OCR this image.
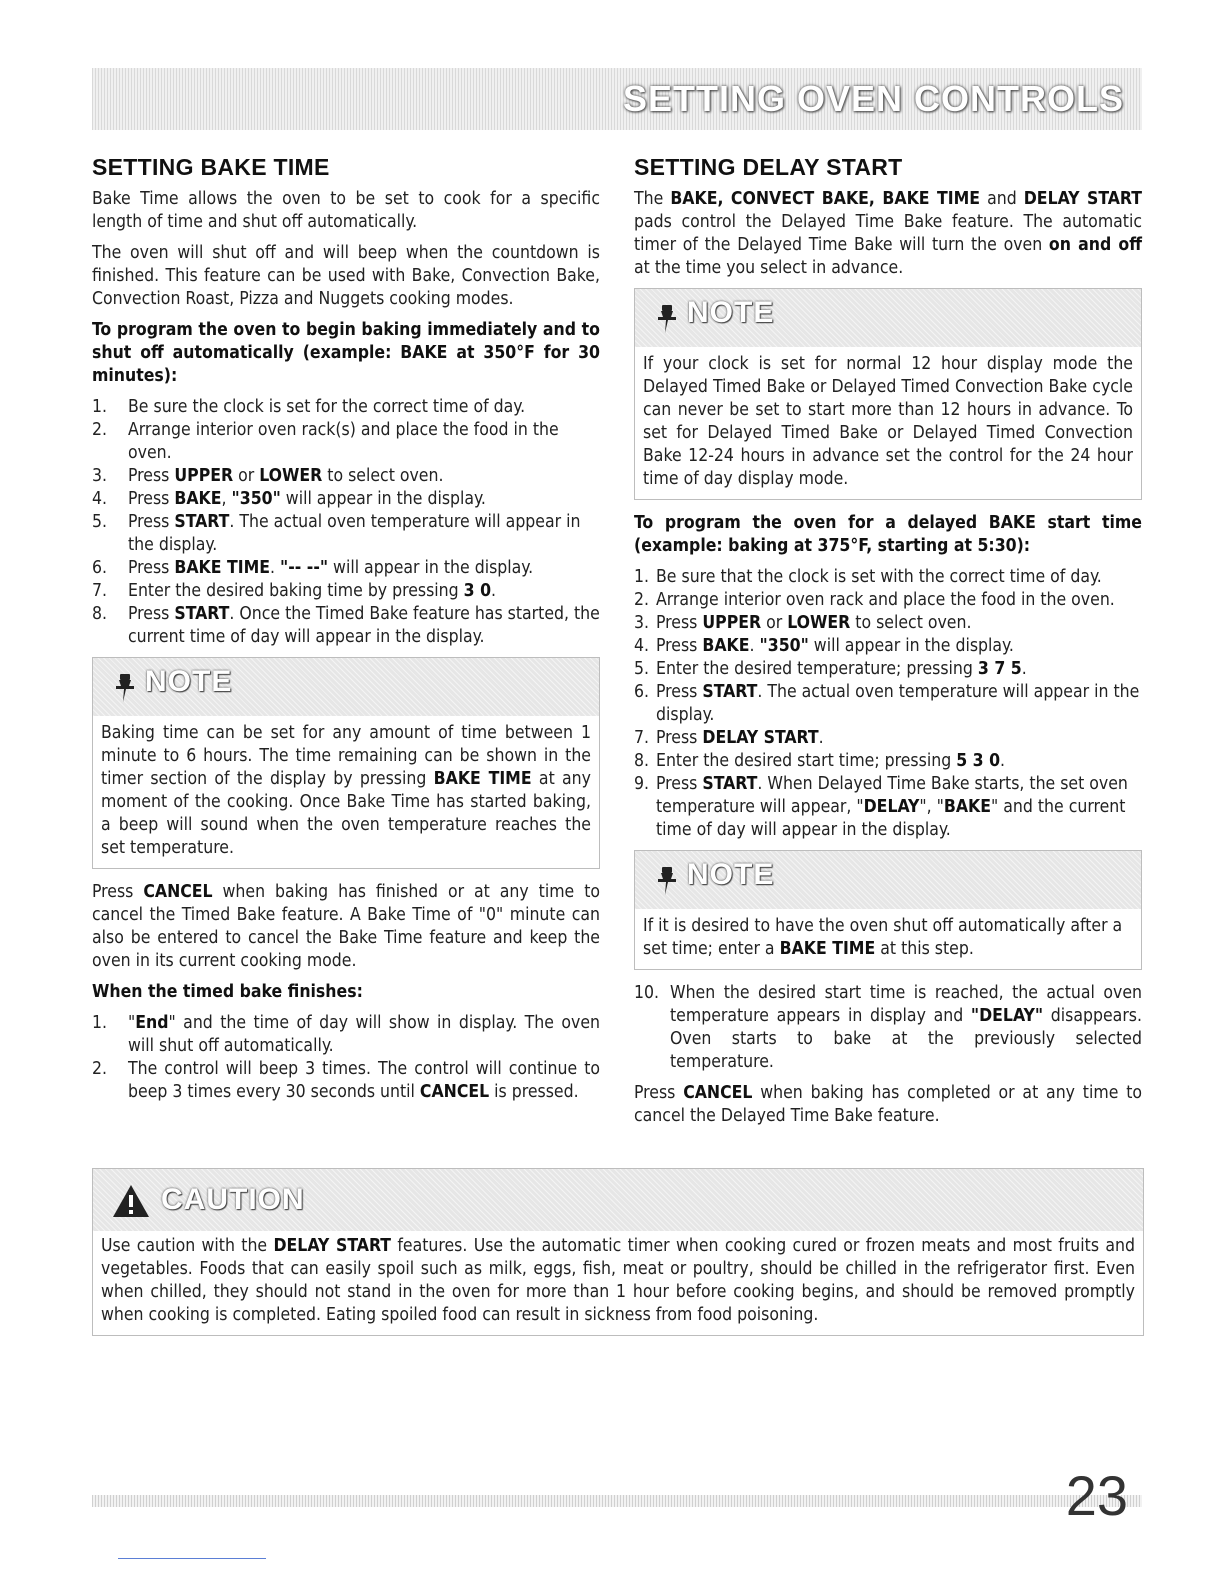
SETTING OVEN CONTROLS
SETTING BAKE TIME

Bake Time allows the oven to be set to cook for a specific length of time and shut off automatically.

The oven will shut off and will beep when the countdown is finished. This feature can be used with Bake, Convection Bake, Convection Roast, Pizza and Nuggets cooking modes.

To program the oven to begin baking immediately and to shut off automatically (example: BAKE at 350°F for 30 minutes):

1.	Be sure the clock is set for the correct time of day.
2.	Arrange interior oven rack(s) and place the food in the oven.
3.	Press UPPER or LOWER to select oven.
4.	Press BAKE, "350" will appear in the display.
5.	Press START. The actual oven temperature will appear in the display.
6.	Press BAKE TIME. "-- --" will appear in the display.
7.	Enter the desired baking time by pressing 3 0.
8.	Press START. Once the Timed Bake feature has started, the current time of day will appear in the display.
NOTE
Baking time can be set for any amount of time between 1 minute to 6 hours. The time remaining can be shown in the timer section of the display by pressing BAKE TIME at any moment of the cooking. Once Bake Time has started baking, a beep will sound when the oven temperature reaches the set temperature.

Press CANCEL when baking has finished or at any time to cancel the Timed Bake feature. A Bake Time of "0" minute can also be entered to cancel the Bake Time feature and keep the oven in its current cooking mode.

When the timed bake finishes:

1.	"End" and the time of day will show in display. The oven will shut off automatically.
2.	The control will beep 3 times. The control will continue to beep 3 times every 30 seconds until CANCEL is pressed.
SETTING DELAY START

The BAKE, CONVECT BAKE, BAKE TIME and DELAY START pads control the Delayed Time Bake feature. The automatic timer of the Delayed Time Bake will turn the oven on and off at the time you select in advance.

NOTE
If your clock is set for normal 12 hour display mode the Delayed Timed Bake or Delayed Timed Convection Bake cycle can never be set to start more than 12 hours in advance. To set for Delayed Timed Bake or Delayed Timed Convection Bake 12-24 hours in advance set the control for the 24 hour time of day display mode.

To program the oven for a delayed BAKE start time (example: baking at 375°F, starting at 5:30):

1. Be sure that the clock is set with the correct time of day.
2. Arrange interior oven rack and place the food in the oven.
3. Press UPPER or LOWER to select oven.
4. Press BAKE. "350" will appear in the display.
5. Enter the desired temperature; pressing 3 7 5.
6. Press START. The actual oven temperature will appear in the display.
7. Press DELAY START.
8. Enter the desired start time; pressing 5 3 0.
9. Press START. When Delayed Time Bake starts, the set oven temperature will appear, "DELAY", "BAKE" and the current time of day will appear in the display.
NOTE
If it is desired to have the oven shut off automatically after a set time; enter a BAKE TIME at this step.
10. When the desired start time is reached, the actual oven temperature appears in display and "DELAY" disappears. Oven starts to bake at the previously selected temperature.

Press CANCEL when baking has completed or at any time to cancel the Delayed Time Bake feature.

CAUTION
Use caution with the DELAY START features. Use the automatic timer when cooking cured or frozen meats and most fruits and vegetables. Foods that can easily spoil such as milk, eggs, fish, meat or poultry, should be chilled in the refrigerator first. Even when chilled, they should not stand in the oven for more than 1 hour before cooking begins, and should be removed promptly when cooking is completed. Eating spoiled food can result in sickness from food poisoning.
23
